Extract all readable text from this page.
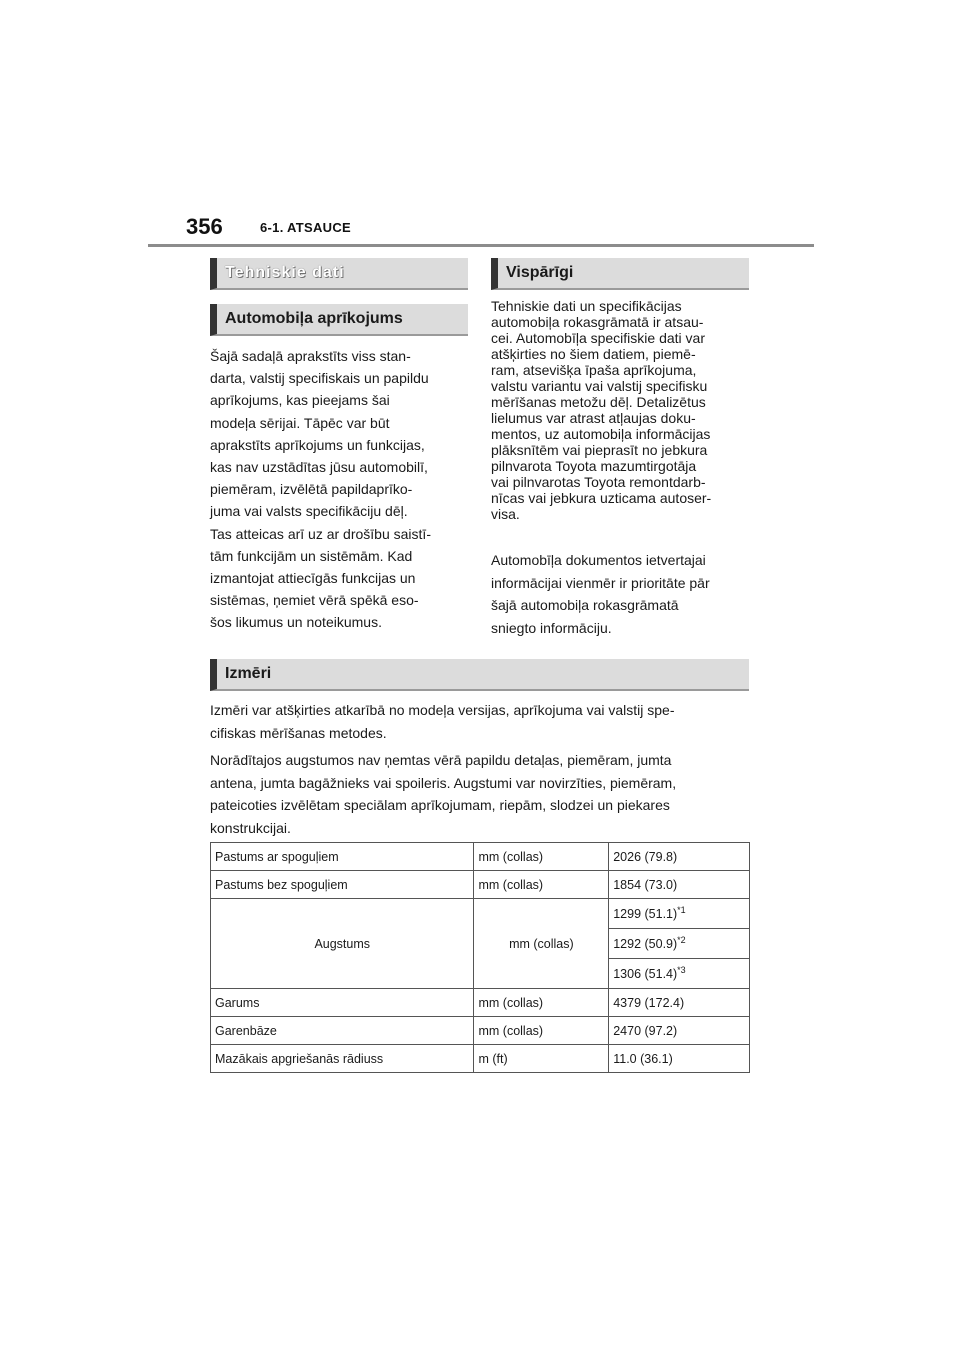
356	6-1. ATSAUCE
Tehniskie dati
Automobiļa aprīkojums
Šajā sadaļā aprakstīts viss stan-
darta, valstij specifiskais un papildu
aprīkojums, kas pieejams šai
modeļa sērijai. Tāpēc var būt
aprakstīts aprīkojums un funkcijas,
kas nav uzstādītas jūsu automobilī,
piemēram, izvēlētā papildaprīko-
juma vai valsts specifikāciju dēļ.
Tas atteicas arī uz ar drošību saistī-
tām funkcijām un sistēmām. Kad
izmantojat attiecīgās funkcijas un
sistēmas, ņemiet vērā spēkā eso-
šos likumus un noteikumus.
Vispārīgi
Tehniskie dati un specifikācijas
automobiļa rokasgrāmatā ir atsau-
cei. Automobīļa specifiskie dati var
atšķirties no šiem datiem, piemē-
ram, atsevišķa īpaša aprīkojuma,
valstu variantu vai valstij specifisku
mērīšanas metožu dēļ. Detalizētus
lielumus var atrast atļaujas doku-
mentos, uz automobiļa informācijas
plāksnītēm vai pieprasīt no jebkura
pilnvarota Toyota mazumtirgotāja
vai pilnvarotas Toyota remontdarb-
nīcas vai jebkura uzticama autoser-
visa.
Automobīļa dokumentos ietvertajai
informācijai vienmēr ir prioritāte pār
šajā automobiļa rokasgrāmatā
sniegto informāciju.
Izmēri
Izmēri var atšķirties atkarībā no modeļa versijas, aprīkojuma vai valstij spe-
cifiskas mērīšanas metodes.
Norādītajos augstumos nav ņemtas vērā papildu detaļas, piemēram, jumta
antena, jumta bagāžnieks vai spoileris. Augstumi var novirzīties, piemēram,
pateicoties izvēlētam speciālam aprīkojumam, riepām, slodzei un piekares
konstrukcijai.
Pastums ar spoguļiem	mm (collas)	2026 (79.8)
Pastums bez spoguļiem	mm (collas)	1854 (73.0)
Augstums	mm (collas)	1299 $(51.1)^{*1}$
		1292 $(50.9)^{*2}$
		1306 $(51.4)^{*3}$
Garums	mm (collas)	4379 (172.4)
Garenbāze	mm (collas)	2470 (97.2)
Mazākais apgriešanās rādiuss	m (ft)	11.0 (36.1)
